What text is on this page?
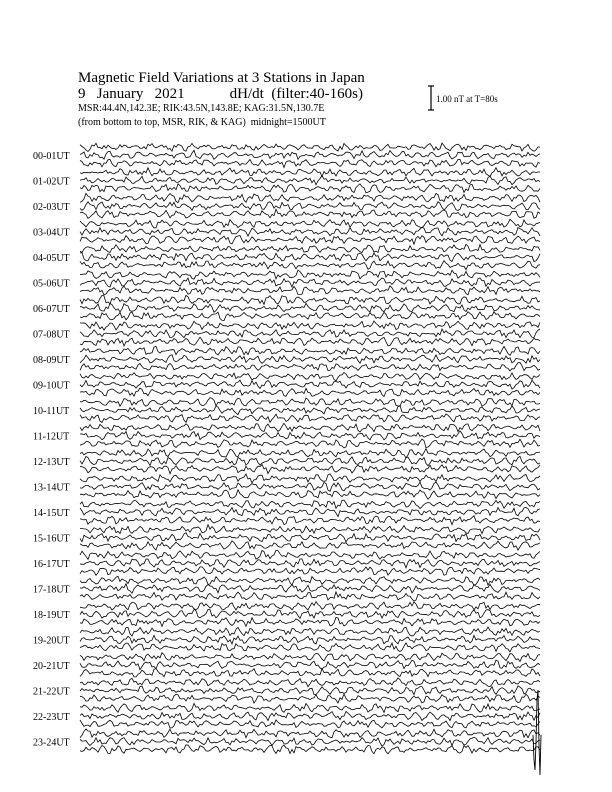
Magnetic Field Variations at 3 Stations in Japan
9 January 2021	dH/dt (filter:40-160s)
MSR:44.4N,142.3E; RIK:43.5N,143.8E; KAG:31.5N,130.7E
(from bottom to top, MSR, RIK, & KAG) midnight=1500UT
1.00 nT at T=80s
00-01UT
01-02UT
02-03UT
03-04UT
04-05UT
05-06UT
06-07UT
07-08UT
08-09UT
09-10UT
10-11UT
11-12UT
12-13UT
13-14UT
14-15UT
15-16UT
16-17UT
17-18UT
18-19UT
19-20UT
20-21UT
21-22UT
22-23UT
23-24UT
